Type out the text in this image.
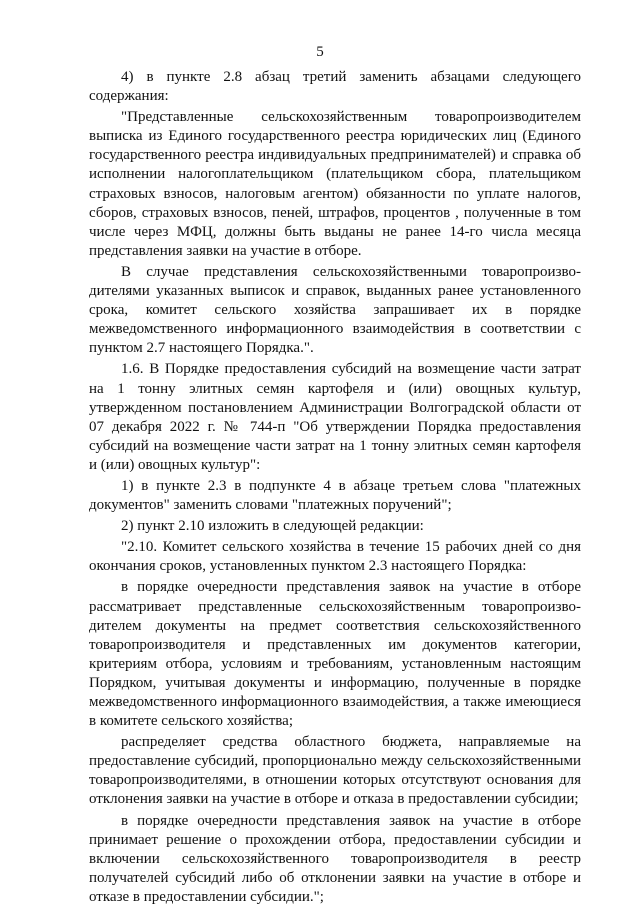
5

4) в пункте 2.8 абзац третий заменить абзацами следующего содержания:

"Представленные сельскохозяйственным товаропроизводителем выписка из Единого государственного реестра юридических лиц (Единого государственного реестра индивидуальных предпринимателей) и справка об исполнении налогоплательщиком (плательщиком сбора, плательщиком страховых взносов, налоговым агентом) обязанности по уплате налогов, сборов, страховых взносов, пеней, штрафов, процентов , полученные в том числе через МФЦ, должны быть выданы не ранее 14-го числа месяца представления заявки на участие в отборе.

В случае представления сельскохозяйственными товаропроизводителями указанных выписок и справок, выданных ранее установленного срока, комитет сельского хозяйства запрашивает их в порядке межведомственного информационного взаимодействия в соответствии с пунктом 2.7 настоящего Порядка.".

1.6. В Порядке предоставления субсидий на возмещение части затрат на 1 тонну элитных семян картофеля и (или) овощных культур, утвержденном постановлением Администрации Волгоградской области от 07 декабря 2022 г. № 744-п "Об утверждении Порядка предоставления субсидий на возмещение части затрат на 1 тонну элитных семян картофеля и (или) овощных культур":

1) в пункте 2.3 в подпункте 4 в абзаце третьем слова "платежных документов" заменить словами "платежных поручений";

2) пункт 2.10 изложить в следующей редакции:

"2.10. Комитет сельского хозяйства в течение 15 рабочих дней со дня окончания сроков, установленных пунктом 2.3 настоящего Порядка:

в порядке очередности представления заявок на участие в отборе рассматривает представленные сельскохозяйственным товаропроизводителем документы на предмет соответствия сельскохозяйственного товаропроизводителя и представленных им документов категории, критериям отбора, условиям и требованиям, установленным настоящим Порядком, учитывая документы и информацию, полученные в порядке межведомственного информационного взаимодействия, а также имеющиеся в комитете сельского хозяйства;

распределяет средства областного бюджета, направляемые на предоставление субсидий, пропорционально между сельскохозяйственными товаропроизводителями, в отношении которых отсутствуют основания для отклонения заявки на участие в отборе и отказа в предоставлении субсидии;

в порядке очередности представления заявок на участие в отборе принимает решение о прохождении отбора, предоставлении субсидии и включении сельскохозяйственного товаропроизводителя в реестр получателей субсидий либо об отклонении заявки на участие в отборе и отказе в предоставлении субсидии.";
